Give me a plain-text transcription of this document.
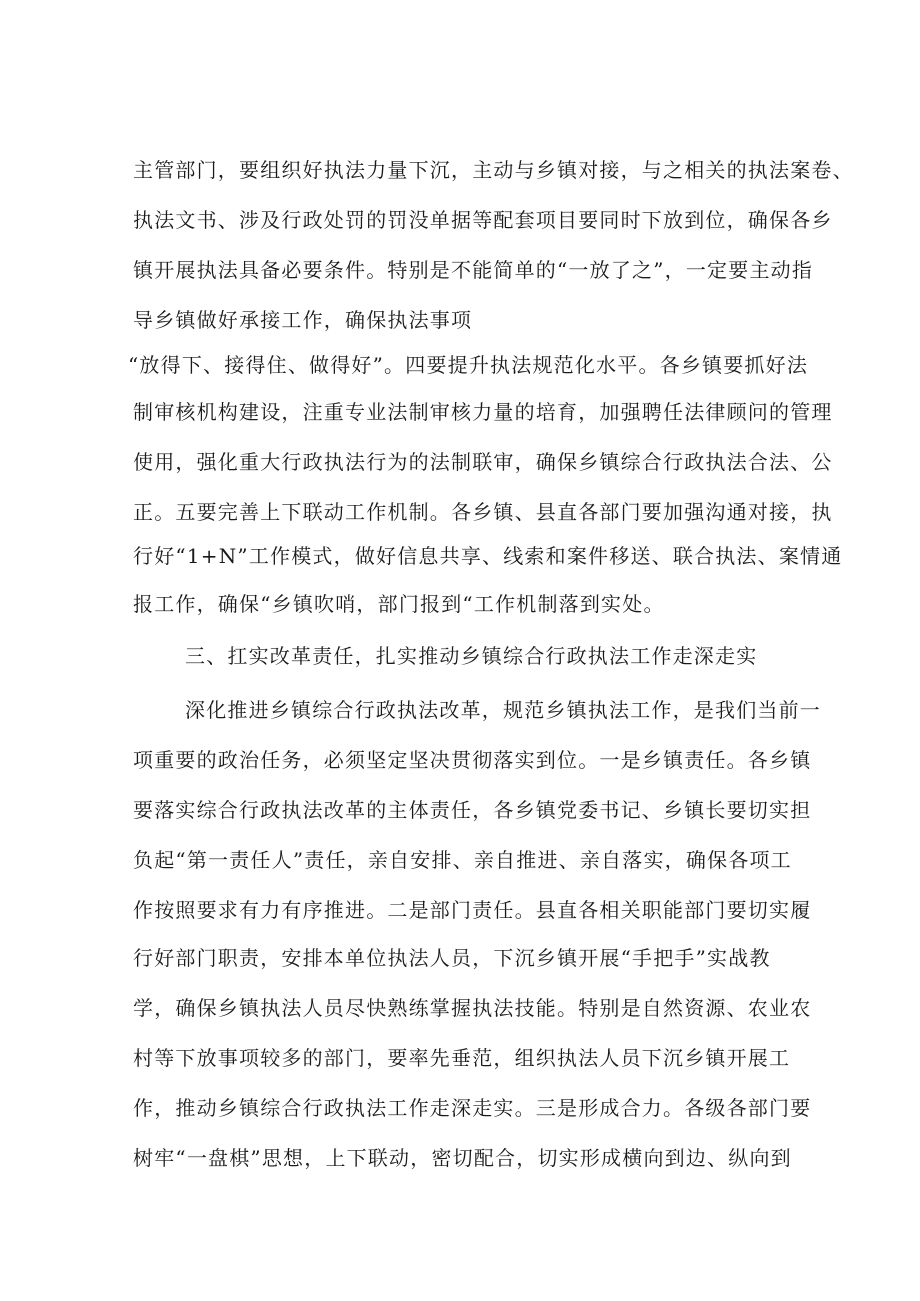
主管部门，要组织好执法力量下沉，主动与乡镇对接，与之相关的执法案卷、
执法文书、涉及行政处罚的罚没单据等配套项目要同时下放到位，确保各乡
镇开展执法具备必要条件。特别是不能简单的“一放了之”，一定要主动指
导乡镇做好承接工作，确保执法事项
“放得下、接得住、做得好”。四要提升执法规范化水平。各乡镇要抓好法
制审核机构建设，注重专业法制审核力量的培育，加强聘任法律顾问的管理
使用，强化重大行政执法行为的法制联审，确保乡镇综合行政执法合法、公
正。五要完善上下联动工作机制。各乡镇、县直各部门要加强沟通对接，执
行好“1+N”工作模式，做好信息共享、线索和案件移送、联合执法、案情通
报工作，确保“乡镇吹哨，部门报到“工作机制落到实处。
三、扛实改革责任，扎实推动乡镇综合行政执法工作走深走实
深化推进乡镇综合行政执法改革，规范乡镇执法工作，是我们当前一
项重要的政治任务，必须坚定坚决贯彻落实到位。一是乡镇责任。各乡镇
要落实综合行政执法改革的主体责任，各乡镇党委书记、乡镇长要切实担
负起“第一责任人”责任，亲自安排、亲自推进、亲自落实，确保各项工
作按照要求有力有序推进。二是部门责任。县直各相关职能部门要切实履
行好部门职责，安排本单位执法人员，下沉乡镇开展“手把手”实战教
学，确保乡镇执法人员尽快熟练掌握执法技能。特别是自然资源、农业农
村等下放事项较多的部门，要率先垂范，组织执法人员下沉乡镇开展工
作，推动乡镇综合行政执法工作走深走实。三是形成合力。各级各部门要
树牢“一盘棋”思想，上下联动，密切配合，切实形成横向到边、纵向到
